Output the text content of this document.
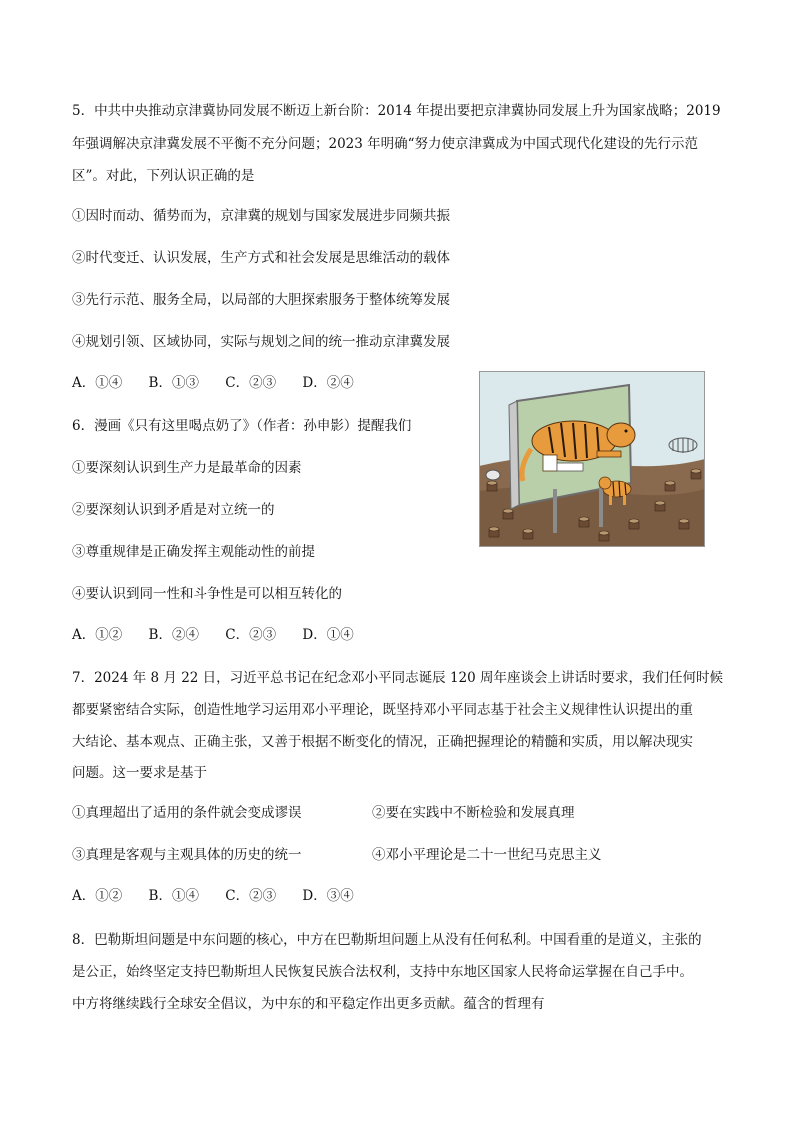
5．中共中央推动京津冀协同发展不断迈上新台阶：2014 年提出要把京津冀协同发展上升为国家战略；2019
年强调解决京津冀发展不平衡不充分问题；2023 年明确“努力使京津冀成为中国式现代化建设的先行示范
区”。对此，下列认识正确的是
①因时而动、循势而为，京津冀的规划与国家发展进步同频共振
②时代变迁、认识发展，生产方式和社会发展是思维活动的载体
③先行示范、服务全局，以局部的大胆探索服务于整体统筹发展
④规划引领、区域协同，实际与规划之间的统一推动京津冀发展
A．①④ B．①③ C．②③ D．②④
6．漫画《只有这里喝点奶了》（作者：孙申影）提醒我们
①要深刻认识到生产力是最革命的因素
②要深刻认识到矛盾是对立统一的
③尊重规律是正确发挥主观能动性的前提
④要认识到同一性和斗争性是可以相互转化的
A．①② B．②④ C．②③ D．①④
7．2024 年 8 月 22 日，习近平总书记在纪念邓小平同志诞辰 120 周年座谈会上讲话时要求，我们任何时候
都要紧密结合实际，创造性地学习运用邓小平理论，既坚持邓小平同志基于社会主义规律性认识提出的重
大结论、基本观点、正确主张，又善于根据不断变化的情况，正确把握理论的精髓和实质，用以解决现实
问题。这一要求是基于
①真理超出了适用的条件就会变成谬误	②要在实践中不断检验和发展真理
③真理是客观与主观具体的历史的统一	④邓小平理论是二十一世纪马克思主义
A．①② B．①④ C．②③ D．③④
8．巴勒斯坦问题是中东问题的核心，中方在巴勒斯坦问题上从没有任何私利。中国看重的是道义，主张的
是公正，始终坚定支持巴勒斯坦人民恢复民族合法权利，支持中东地区国家人民将命运掌握在自己手中。
中方将继续践行全球安全倡议，为中东的和平稳定作出更多贡献。蕴含的哲理有
